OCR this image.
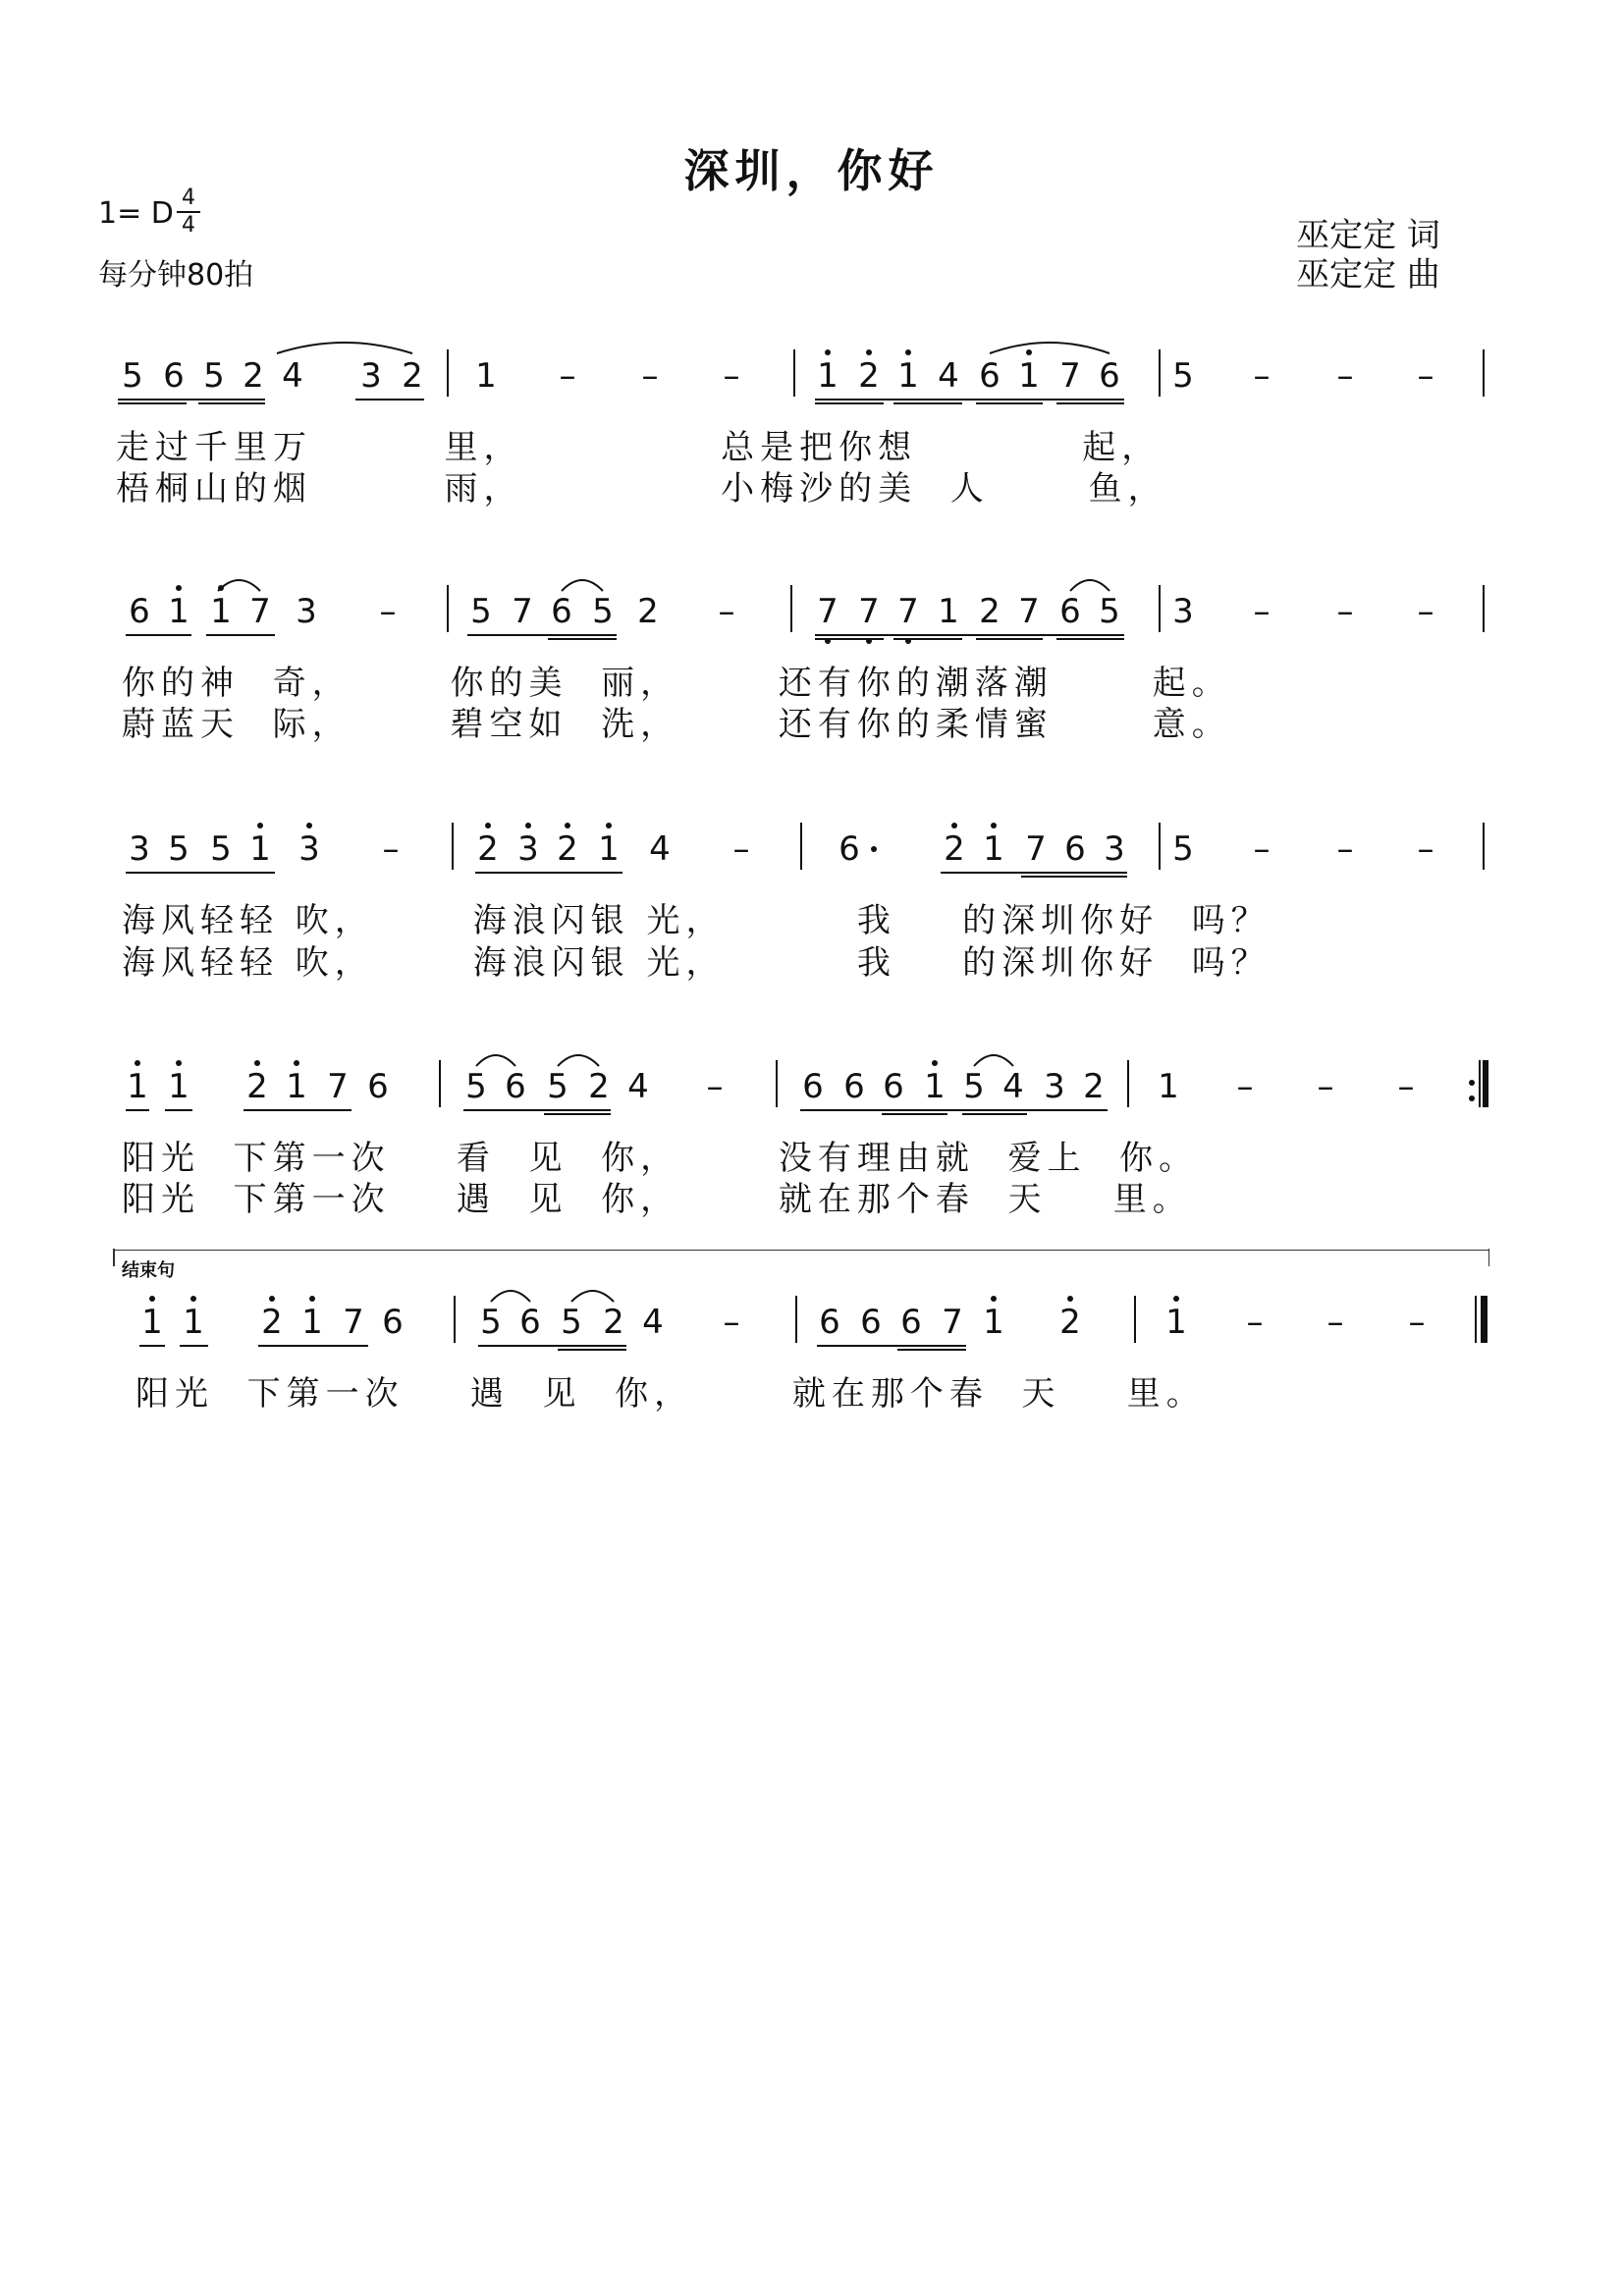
深圳，你好
1= D 4
4
每分钟80拍
巫定定 词
巫定定 曲
结束句
走过千里万        里，            总是把你想          起，
梧桐山的烟        雨，            小梅沙的美  人      鱼，
你的神  奇，      你的美  丽，      还有你的潮落潮      起。
蔚蓝天  际，      碧空如  洗，      还有你的柔情蜜      意。
海风轻轻 吹，      海浪闪银 光，        我    的深圳你好  吗？
海风轻轻 吹，      海浪闪银 光，        我    的深圳你好  吗？
阳光  下第一次    看  见  你，      没有理由就  爱上  你。
阳光  下第一次    遇  见  你，      就在那个春  天    里。
阳光  下第一次    遇  见  你，      就在那个春  天    里。
5 6 5 2 4 3 2 1 – – – 1 2 1 4 6 1 7 6 5 – – –
6 1 1 7 3 – 5 7 6 5 2 – 7 7 7 1 2 7 6 5 3 – – –
3 5 5 1 3 – 2 3 2 1 4 –	6	2 1 7 6 3 5 – – –
1 1 2 1 7 6 5 6 5 2 4 – 6 6 6 1 5 4 3 2 1 – – –
1 1 2 1 7 6 5 6 5 2 4 – 6 6 6 7 1 2	1 – – –
